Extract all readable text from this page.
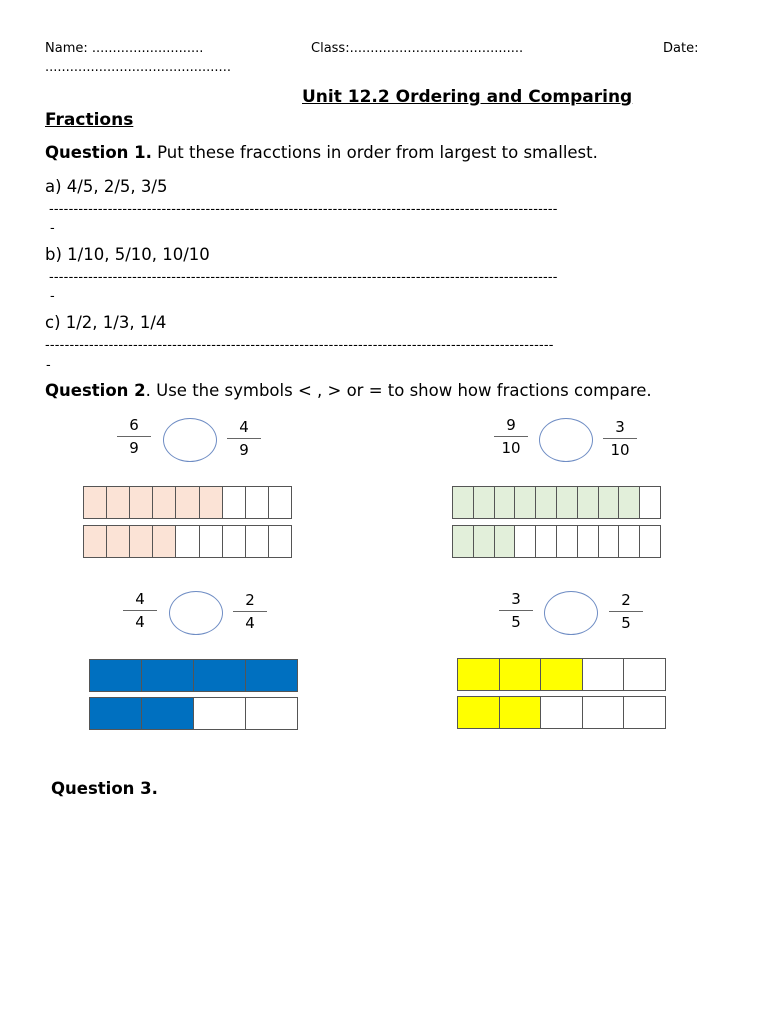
Name: ...........................	Class:..........................................	Date:
.............................................
Unit 12.2 Ordering and Comparing
Fractions
Question 1. Put these fracctions in order from largest to smallest.
a) 4/5, 2/5, 3/5
--------------------------------------------------------------------------------------------------------
-
b) 1/10, 5/10, 10/10
--------------------------------------------------------------------------------------------------------
-
c) 1/2, 1/3, 1/4
--------------------------------------------------------------------------------------------------------
-
Question 2. Use the symbols < , > or = to show how fractions compare.
6
9
4
9
9
10
3
10
4
4
2
4
3
5
2
5
Question 3.
